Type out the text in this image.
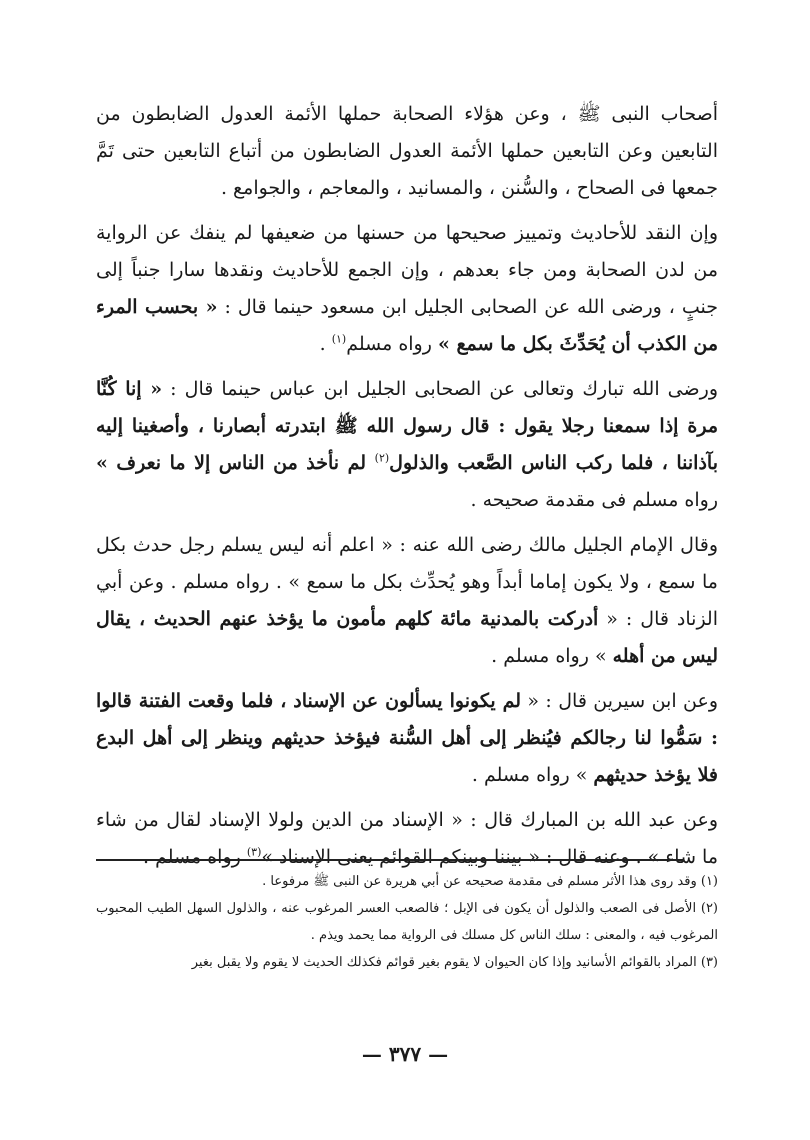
أصحاب النبى ﷺ ، وعن هؤلاء الصحابة حملها الأئمة العدول الضابطون من التابعين وعن التابعين حملها الأئمة العدول الضابطون من أتباع التابعين حتى تَمَّ جمعها فى الصحاح ، والسُّنن ، والمسانيد ، والمعاجم ، والجوامع .

وإن النقد للأحاديث وتمييز صحيحها من حسنها من ضعيفها لم ينفك عن الرواية من لدن الصحابة ومن جاء بعدهم ، وإن الجمع للأحاديث ونقدها سارا جنباً إلى جنبٍ ، ورضى الله عن الصحابى الجليل ابن مسعود حينما قال : « بحسب المرء من الكذب أن يُحَدِّثَ بكل ما سمع » رواه مسلم$^{(١)}$ .

ورضى الله تبارك وتعالى عن الصحابى الجليل ابن عباس حينما قال : « إنا كُنَّا مرة إذا سمعنا رجلا يقول : قال رسول الله ﷺ ابتدرته أبصارنا ، وأصغينا إليه بآذاننا ، فلما ركب الناس الصَّعب والذلول$^{(٢)}$ لم نأخذ من الناس إلا ما نعرف » رواه مسلم فى مقدمة صحيحه .

وقال الإمام الجليل مالك رضى الله عنه : « اعلم أنه ليس يسلم رجل حدث بكل ما سمع ، ولا يكون إماما أبداً وهو يُحدِّث بكل ما سمع » . رواه مسلم . وعن أبي الزناد قال : « أدركت بالمدنية مائة كلهم مأمون ما يؤخذ عنهم الحديث ، يقال ليس من أهله » رواه مسلم .

وعن ابن سيرين قال : « لم يكونوا يسألون عن الإسناد ، فلما وقعت الفتنة قالوا : سَمُّوا لنا رجالكم فيُنظر إلى أهل السُّنة فيؤخذ حديثهم وينظر إلى أهل البدع فلا يؤخذ حديثهم » رواه مسلم .

وعن عبد الله بن المبارك قال : « الإسناد من الدين ولولا الإسناد لقال من شاء ما شاء » . وعنه قال : « بيننا وبينكم القوائم يعنى الإسناد »$^{(٣)}$ رواه مسلم .

(١) وقد روى هذا الأثر مسلم فى مقدمة صحيحه عن أبي هريرة عن النبى ﷺ مرفوعا .

(٢) الأصل فى الصعب والذلول أن يكون فى الإبل ؛ فالصعب العسر المرغوب عنه ، والذلول السهل الطيب المحبوب المرغوب فيه ، والمعنى : سلك الناس كل مسلك فى الرواية مما يحمد ويذم .

(٣) المراد بالقوائم الأسانيد وإذا كان الحيوان لا يقوم بغير قوائم فكذلك الحديث لا يقوم ولا يقبل بغير

— ٣٧٧ —
